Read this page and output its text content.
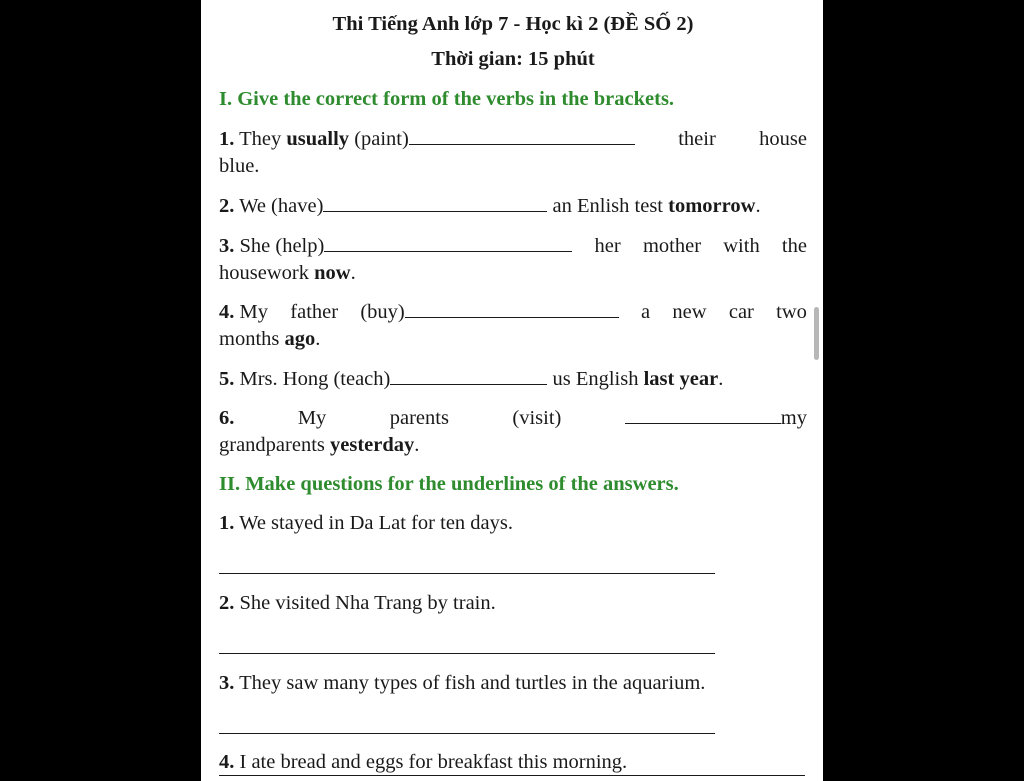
Thi Tiếng Anh lớp 7 - Học kì 2 (ĐỀ SỐ 2)
Thời gian: 15 phút
I. Give the correct form of the verbs in the brackets.
1. They usually (paint)	their house
blue.
2. We (have)	an Enlish test tomorrow.
3. She (help)	her mother with the
housework now.
4. My father (buy)	a new car two
months ago.
5. Mrs. Hong (teach)	us English last year.
6.	My	parents	(visit)	my
grandparents yesterday.
II. Make questions for the underlines of the answers.
1. We stayed in Da Lat for ten days.
2. She visited Nha Trang by train.
3. They saw many types of fish and turtles in the aquarium.
4. I ate bread and eggs for breakfast this morning.
